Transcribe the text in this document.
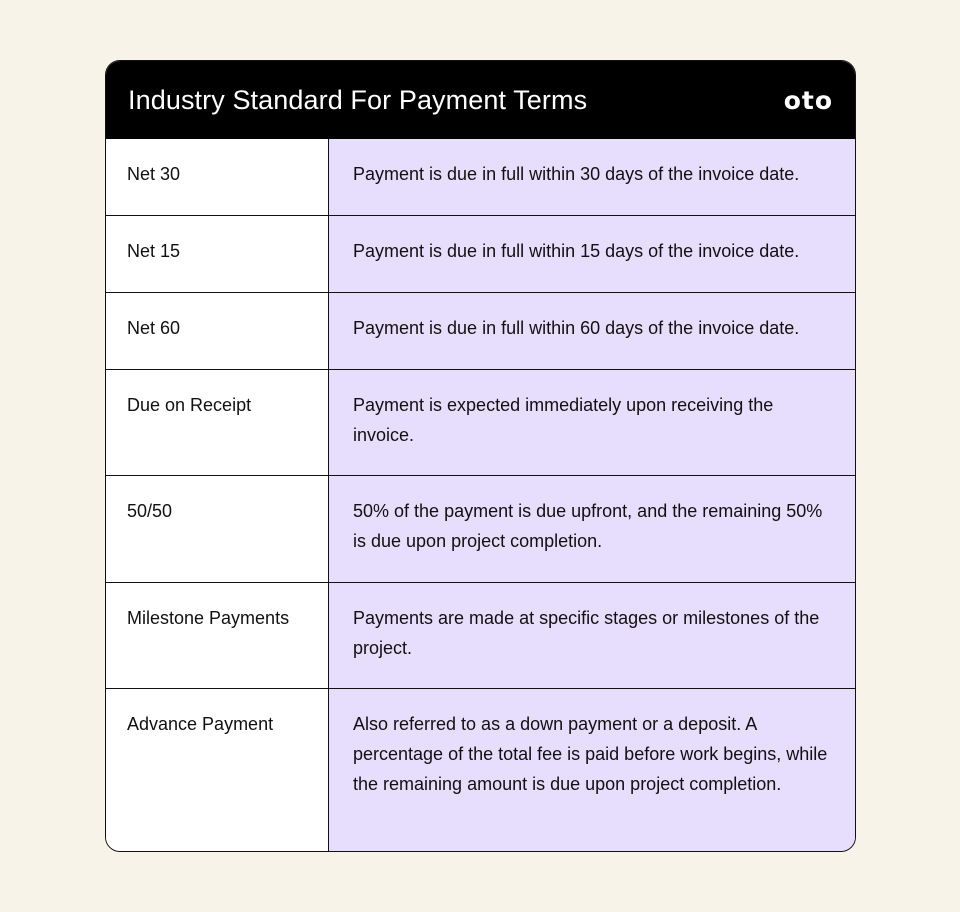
Industry Standard For Payment Terms	oto
Net 30	Payment is due in full within 30 days of the invoice date.
Net 15	Payment is due in full within 15 days of the invoice date.
Net 60	Payment is due in full within 60 days of the invoice date.
Due on Receipt	Payment is expected immediately upon receiving the invoice.
50/50	50% of the payment is due upfront, and the remaining 50% is due upon project completion.
Milestone Payments	Payments are made at specific stages or milestones of the project.
Advance Payment	Also referred to as a down payment or a deposit. A percentage of the total fee is paid before work begins, while the remaining amount is due upon project completion.
